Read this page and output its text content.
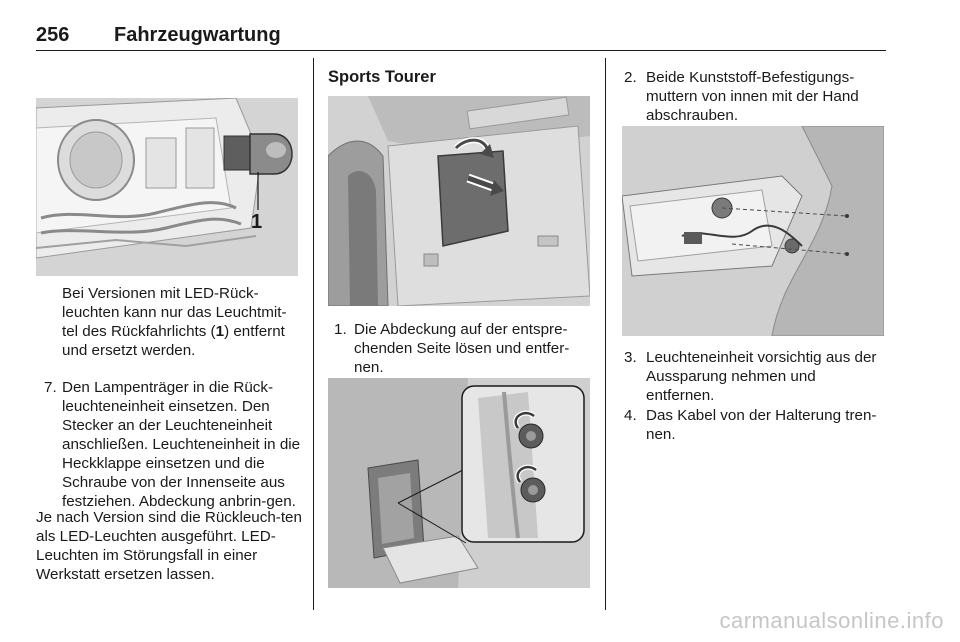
256 Fahrzeugwartung
1

Bei Versionen mit LED-Rück-leuchten kann nur das Leuchtmit-tel des Rückfahrlichts (1) entfernt und ersetzt werden.

7. Den Lampenträger in die Rück-leuchteneinheit einsetzen. Den Stecker an der Leuchteneinheit anschließen. Leuchteneinheit in die Heckklappe einsetzen und die Schraube von der Innenseite aus festziehen. Abdeckung anbrin-gen.

Je nach Version sind die Rückleuch-ten als LED-Leuchten ausgeführt. LED-Leuchten im Störungsfall in einer Werkstatt ersetzen lassen.
Sports Tourer

1. Die Abdeckung auf der entspre-chenden Seite lösen und entfer-nen.

2. Beide Kunststoff-Befestigungs-muttern von innen mit der Hand abschrauben.

3. Leuchteneinheit vorsichtig aus der Aussparung nehmen und entfernen.

4. Das Kabel von der Halterung tren-nen.

carmanualsonline.info
